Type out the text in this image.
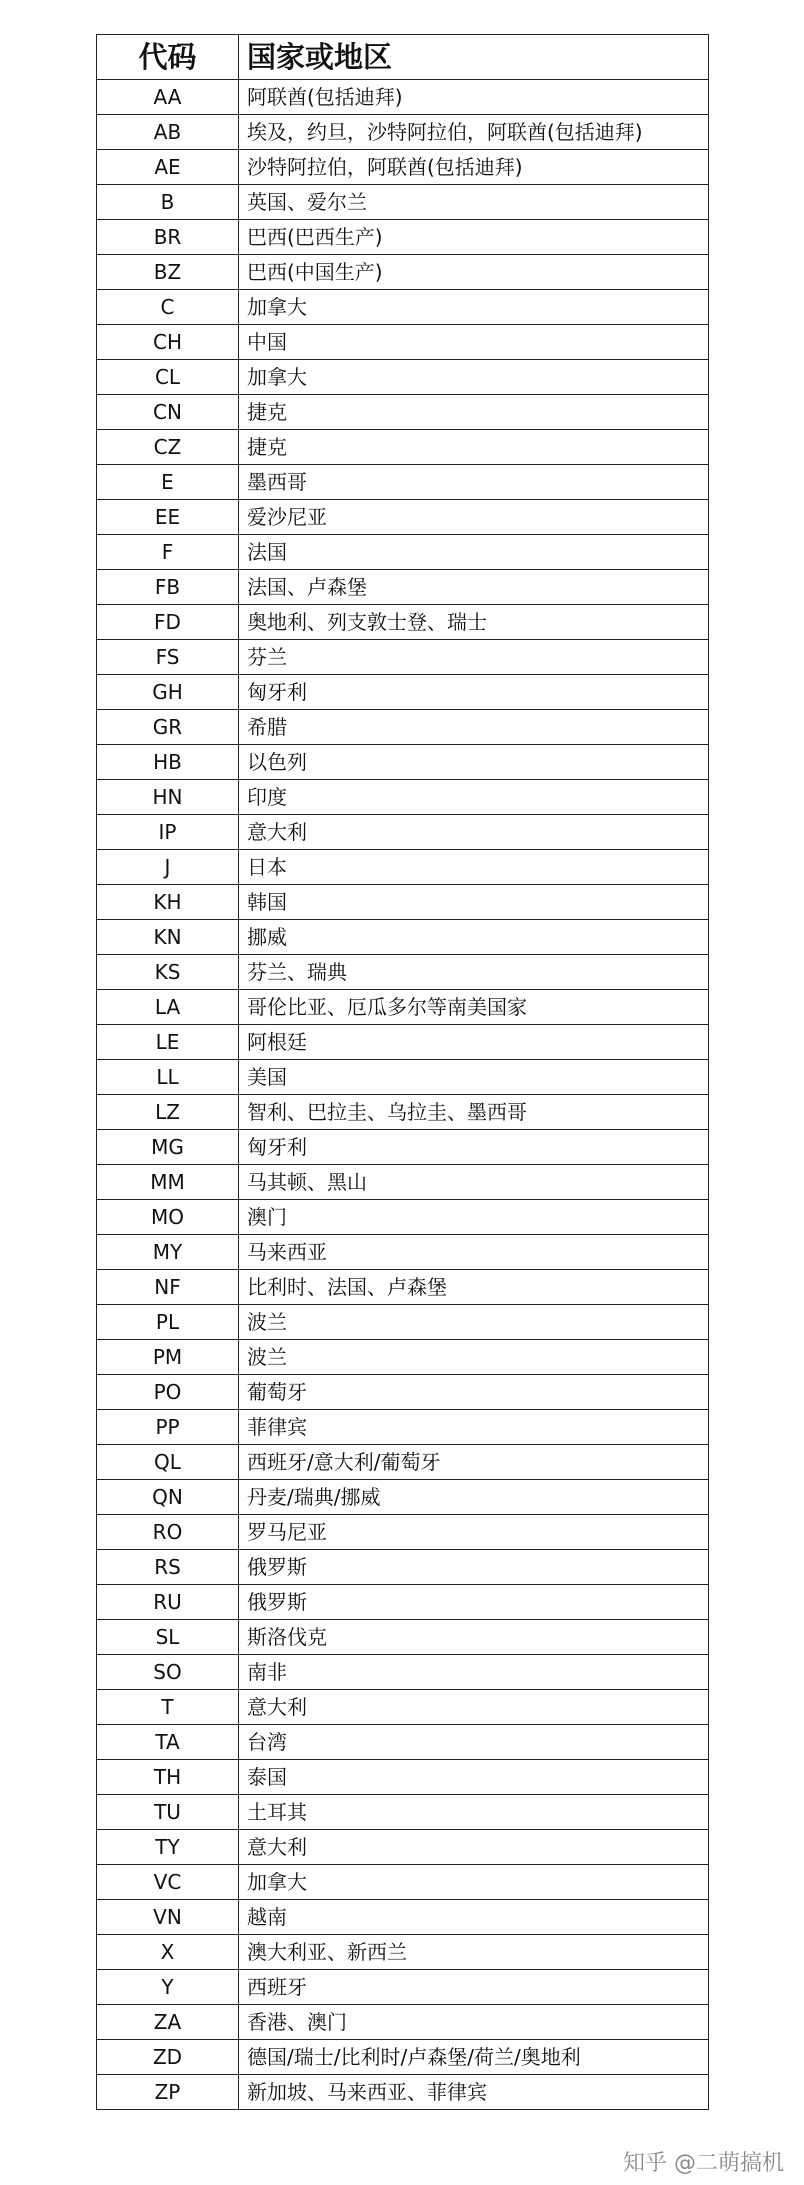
代码	国家或地区
AA	阿联酋(包括迪拜)
AB	埃及，约旦，沙特阿拉伯，阿联酋(包括迪拜)
AE	沙特阿拉伯，阿联酋(包括迪拜)
B	英国、爱尔兰
BR	巴西(巴西生产)
BZ	巴西(中国生产)
C	加拿大
CH	中国
CL	加拿大
CN	捷克
CZ	捷克
E	墨西哥
EE	爱沙尼亚
F	法国
FB	法国、卢森堡
FD	奥地利、列支敦士登、瑞士
FS	芬兰
GH	匈牙利
GR	希腊
HB	以色列
HN	印度
IP	意大利
J	日本
KH	韩国
KN	挪威
KS	芬兰、瑞典
LA	哥伦比亚、厄瓜多尔等南美国家
LE	阿根廷
LL	美国
LZ	智利、巴拉圭、乌拉圭、墨西哥
MG	匈牙利
MM	马其顿、黑山
MO	澳门
MY	马来西亚
NF	比利时、法国、卢森堡
PL	波兰
PM	波兰
PO	葡萄牙
PP	菲律宾
QL	西班牙/意大利/葡萄牙
QN	丹麦/瑞典/挪威
RO	罗马尼亚
RS	俄罗斯
RU	俄罗斯
SL	斯洛伐克
SO	南非
T	意大利
TA	台湾
TH	泰国
TU	土耳其
TY	意大利
VC	加拿大
VN	越南
X	澳大利亚、新西兰
Y	西班牙
ZA	香港、澳门
ZD	德国/瑞士/比利时/卢森堡/荷兰/奥地利
ZP	新加坡、马来西亚、菲律宾
知乎 @二萌搞机
